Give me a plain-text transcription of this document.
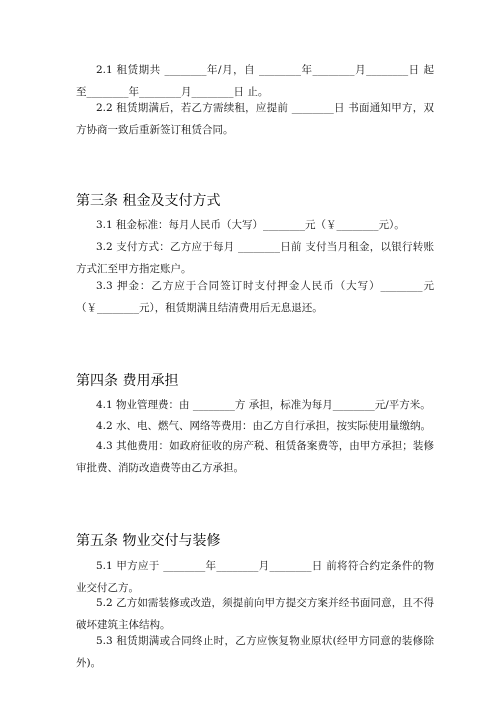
2.1 租赁期共 ________年/月，自 ________年________月________日 起至________年________月________日 止。
2.2 租赁期满后，若乙方需续租，应提前 ________日 书面通知甲方，双方协商一致后重新签订租赁合同。
第三条 租金及支付方式
3.1 租金标准：每月人民币（大写）________元（￥________元）。
3.2 支付方式：乙方应于每月 ________日前 支付当月租金，以银行转账方式汇至甲方指定账户。
3.3 押金：乙方应于合同签订时支付押金人民币（大写）________元（￥________元），租赁期满且结清费用后无息退还。
第四条 费用承担
4.1 物业管理费：由 ________方 承担，标准为每月________元/平方米。
4.2 水、电、燃气、网络等费用：由乙方自行承担，按实际使用量缴纳。
4.3 其他费用：如政府征收的房产税、租赁备案费等，由甲方承担；装修审批费、消防改造费等由乙方承担。
第五条 物业交付与装修
5.1 甲方应于 ________年________月________日 前将符合约定条件的物业交付乙方。
5.2 乙方如需装修或改造，须提前向甲方提交方案并经书面同意，且不得破坏建筑主体结构。
5.3 租赁期满或合同终止时，乙方应恢复物业原状(经甲方同意的装修除外)。
